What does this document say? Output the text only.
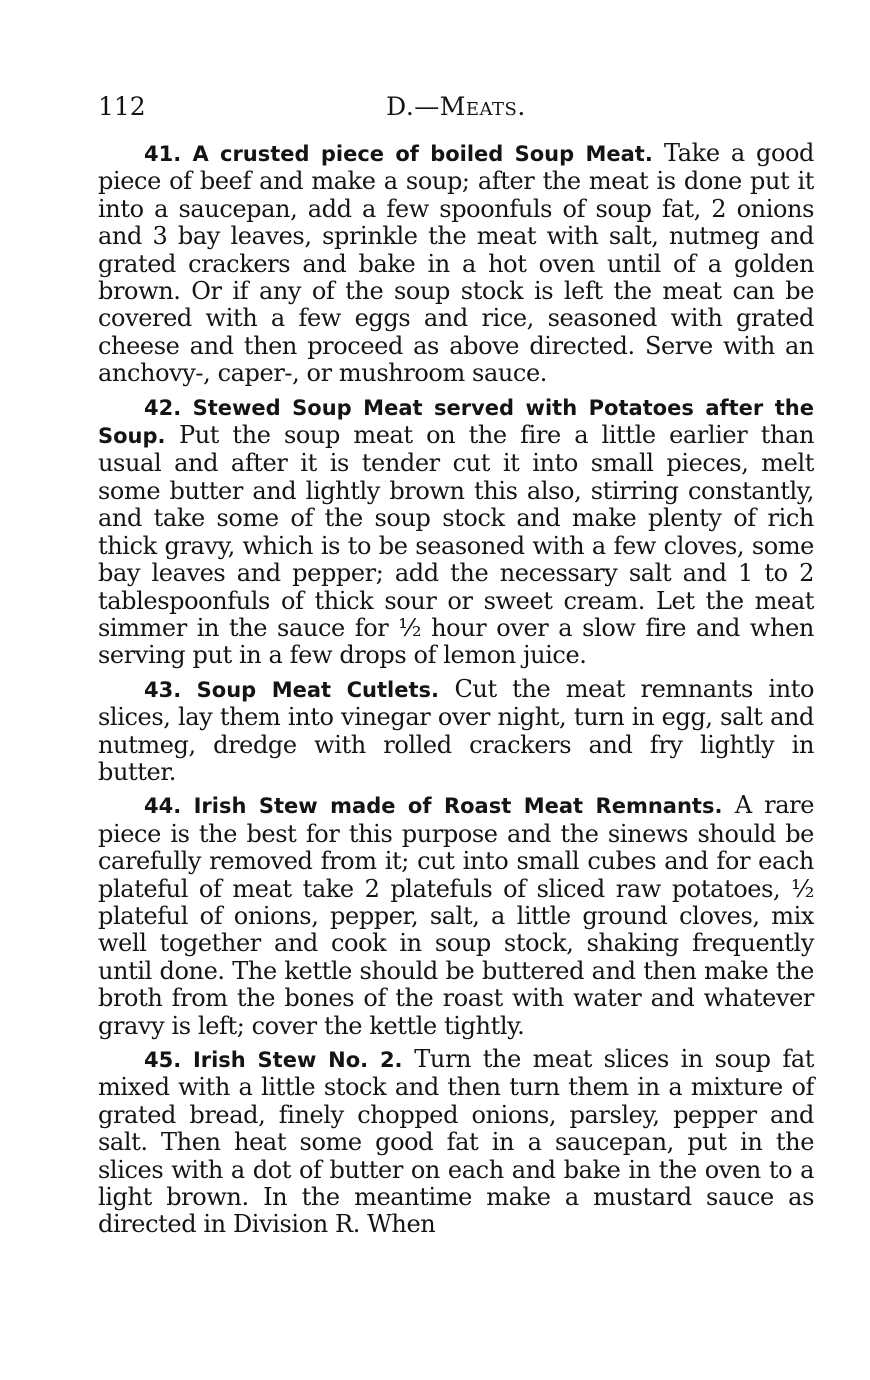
112	D.—Meats.

41. A crusted piece of boiled Soup Meat. Take a good piece of beef and make a soup; after the meat is done put it into a saucepan, add a few spoonfuls of soup fat, 2 onions and 3 bay leaves, sprinkle the meat with salt, nutmeg and grated crackers and bake in a hot oven until of a golden brown. Or if any of the soup stock is left the meat can be covered with a few eggs and rice, seasoned with grated cheese and then proceed as above directed. Serve with an anchovy-, caper-, or mushroom sauce.

42. Stewed Soup Meat served with Potatoes after the Soup. Put the soup meat on the fire a little earlier than usual and after it is tender cut it into small pieces, melt some butter and lightly brown this also, stirring constantly, and take some of the soup stock and make plenty of rich thick gravy, which is to be seasoned with a few cloves, some bay leaves and pepper; add the necessary salt and 1 to 2 tablespoonfuls of thick sour or sweet cream. Let the meat simmer in the sauce for ½ hour over a slow fire and when serving put in a few drops of lemon juice.

43. Soup Meat Cutlets. Cut the meat remnants into slices, lay them into vinegar over night, turn in egg, salt and nutmeg, dredge with rolled crackers and fry lightly in butter.

44. Irish Stew made of Roast Meat Remnants. A rare piece is the best for this purpose and the sinews should be carefully removed from it; cut into small cubes and for each plateful of meat take 2 platefuls of sliced raw potatoes, ½ plateful of onions, pepper, salt, a little ground cloves, mix well together and cook in soup stock, shaking frequently until done. The kettle should be buttered and then make the broth from the bones of the roast with water and whatever gravy is left; cover the kettle tightly.

45. Irish Stew No. 2. Turn the meat slices in soup fat mixed with a little stock and then turn them in a mixture of grated bread, finely chopped onions, parsley, pepper and salt. Then heat some good fat in a saucepan, put in the slices with a dot of butter on each and bake in the oven to a light brown. In the meantime make a mustard sauce as directed in Division R. When
